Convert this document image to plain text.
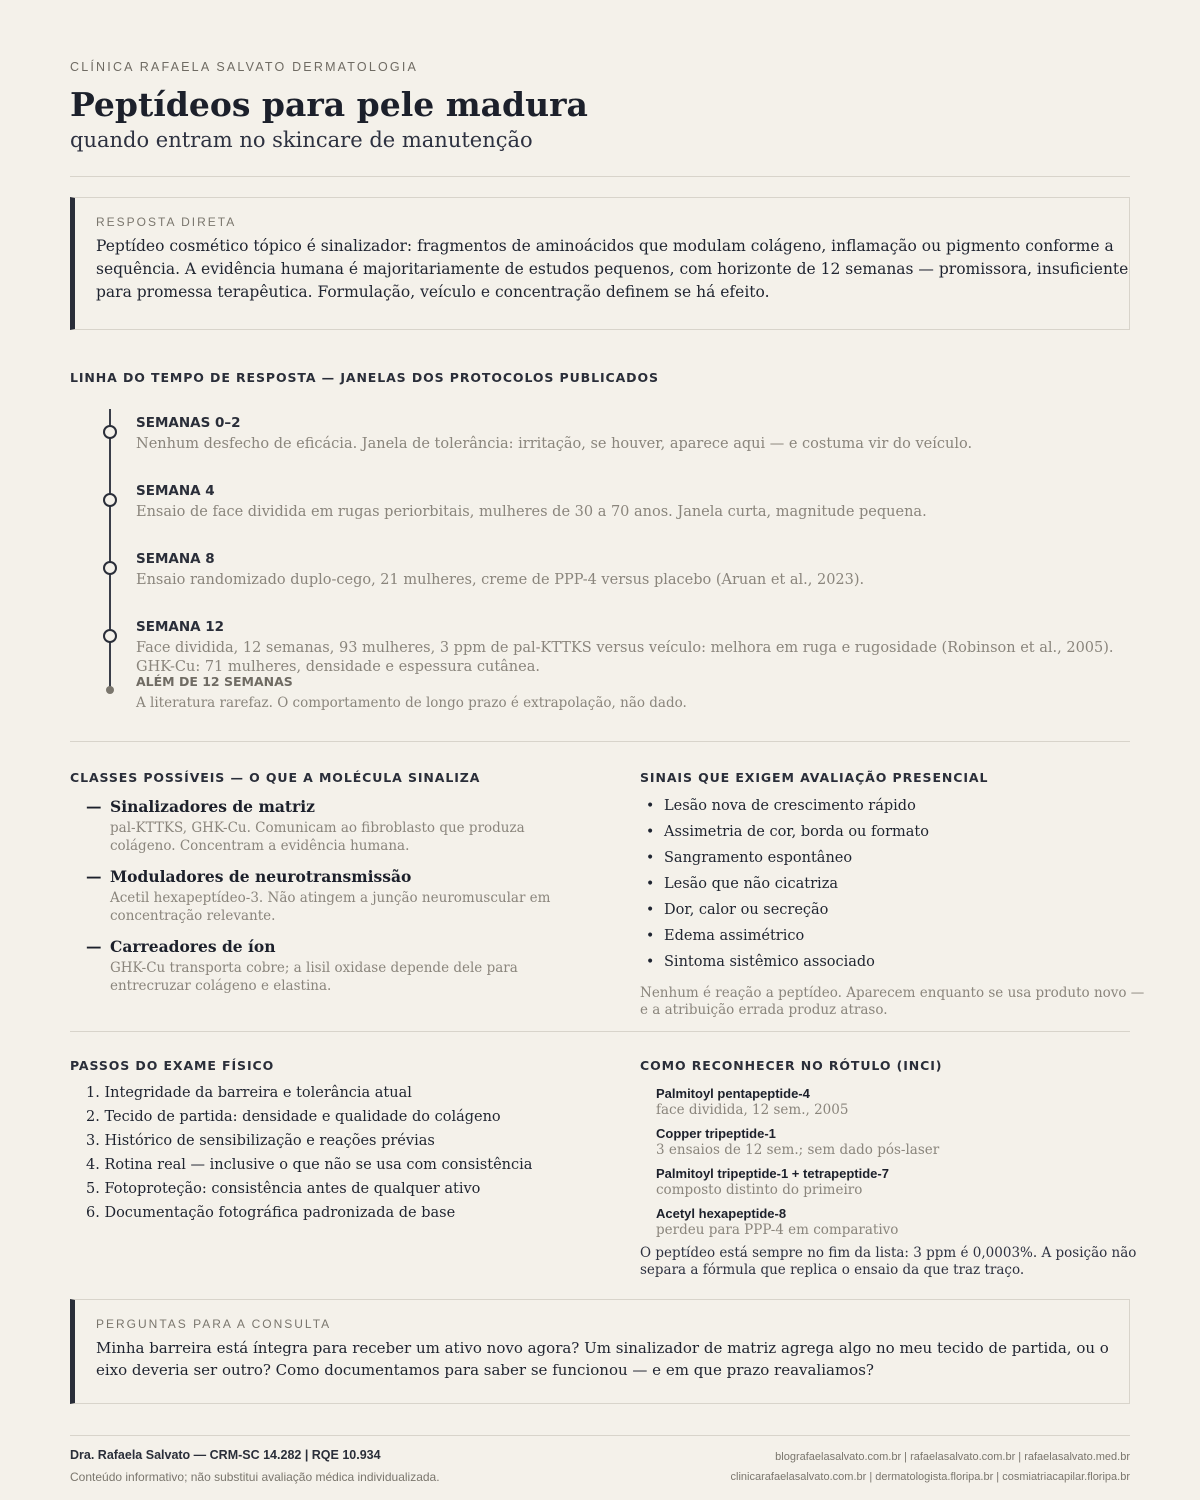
CLÍNICA RAFAELA SALVATO DERMATOLOGIA
Peptídeos para pele madura
quando entram no skincare de manutenção
RESPOSTA DIRETA
Peptídeo cosmético tópico é sinalizador: fragmentos de aminoácidos que modulam colágeno, inflamação ou pigmento conforme a sequência. A evidência humana é majoritariamente de estudos pequenos, com horizonte de 12 semanas — promissora, insuficiente para promessa terapêutica. Formulação, veículo e concentração definem se há efeito.
LINHA DO TEMPO DE RESPOSTA — JANELAS DOS PROTOCOLOS PUBLICADOS
SEMANAS 0–2
Nenhum desfecho de eficácia. Janela de tolerância: irritação, se houver, aparece aqui — e costuma vir do veículo.
SEMANA 4
Ensaio de face dividida em rugas periorbitais, mulheres de 30 a 70 anos. Janela curta, magnitude pequena.
SEMANA 8
Ensaio randomizado duplo-cego, 21 mulheres, creme de PPP-4 versus placebo (Aruan et al., 2023).
SEMANA 12
Face dividida, 12 semanas, 93 mulheres, 3 ppm de pal-KTTKS versus veículo: melhora em ruga e rugosidade (Robinson et al., 2005).
GHK-Cu: 71 mulheres, densidade e espessura cutânea.
ALÉM DE 12 SEMANAS
A literatura rarefaz. O comportamento de longo prazo é extrapolação, não dado.
CLASSES POSSÍVEIS — O QUE A MOLÉCULA SINALIZA
— Sinalizadores de matriz
pal-KTTKS, GHK-Cu. Comunicam ao fibroblasto que produza colágeno. Concentram a evidência humana.
— Moduladores de neurotransmissão
Acetil hexapeptídeo-3. Não atingem a junção neuromuscular em concentração relevante.
— Carreadores de íon
GHK-Cu transporta cobre; a lisil oxidase depende dele para entrecruzar colágeno e elastina.
SINAIS QUE EXIGEM AVALIAÇÃO PRESENCIAL
• Lesão nova de crescimento rápido
• Assimetria de cor, borda ou formato
• Sangramento espontâneo
• Lesão que não cicatriza
• Dor, calor ou secreção
• Edema assimétrico
• Sintoma sistêmico associado
Nenhum é reação a peptídeo. Aparecem enquanto se usa produto novo — e a atribuição errada produz atraso.
PASSOS DO EXAME FÍSICO
1. Integridade da barreira e tolerância atual
2. Tecido de partida: densidade e qualidade do colágeno
3. Histórico de sensibilização e reações prévias
4. Rotina real — inclusive o que não se usa com consistência
5. Fotoproteção: consistência antes de qualquer ativo
6. Documentação fotográfica padronizada de base
COMO RECONHECER NO RÓTULO (INCI)
Palmitoyl pentapeptide-4
face dividida, 12 sem., 2005
Copper tripeptide-1
3 ensaios de 12 sem.; sem dado pós-laser
Palmitoyl tripeptide-1 + tetrapeptide-7
composto distinto do primeiro
Acetyl hexapeptide-8
perdeu para PPP-4 em comparativo
O peptídeo está sempre no fim da lista: 3 ppm é 0,0003%. A posição não separa a fórmula que replica o ensaio da que traz traço.
PERGUNTAS PARA A CONSULTA
Minha barreira está íntegra para receber um ativo novo agora? Um sinalizador de matriz agrega algo no meu tecido de partida, ou o eixo deveria ser outro? Como documentamos para saber se funcionou — e em que prazo reavaliamos?
Dra. Rafaela Salvato — CRM-SC 14.282 | RQE 10.934
Conteúdo informativo; não substitui avaliação médica individualizada.
blografaelasalvato.com.br | rafaelasalvato.com.br | rafaelasalvato.med.br
clinicarafaelasalvato.com.br | dermatologista.floripa.br | cosmiatriacapilar.floripa.br
